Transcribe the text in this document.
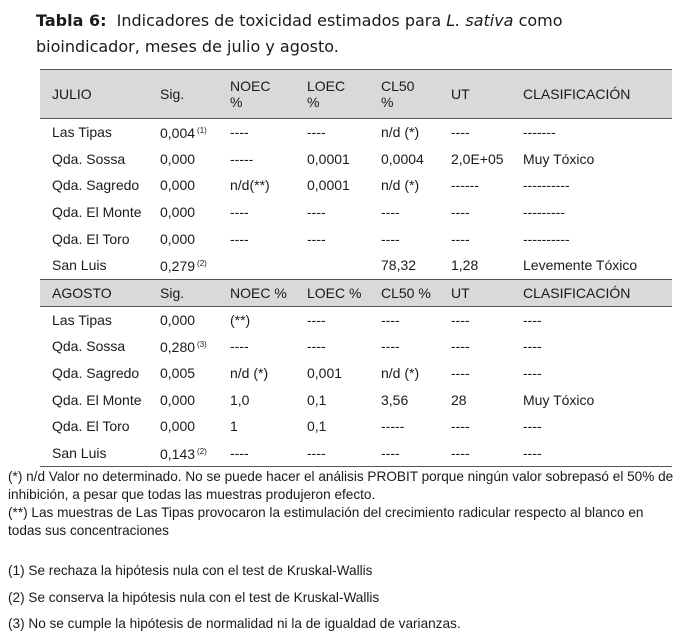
Tabla 6: Indicadores de toxicidad estimados para L. sativa como bioindicador, meses de julio y agosto.
JULIO	Sig.	NOEC %	LOEC %	CL50 %	UT	CLASIFICACIÓN
Las Tipas	0,004 $^{(1)}$	----	----	n/d (*)	----	-------
Qda. Sossa	0,000	-----	0,0001	0,0004	2,0E+05	Muy Tóxico
Qda. Sagredo	0,000	n/d(**)	0,0001	n/d (*)	------	----------
Qda. El Monte	0,000	----	----	----	----	---------
Qda. El Toro	0,000	----	----	----	----	----------
San Luis	0,279 $^{(2)}$			78,32	1,28	Levemente Tóxico
AGOSTO	Sig.	NOEC %	LOEC %	CL50 %	UT	CLASIFICACIÓN
Las Tipas	0,000	(**)	----	----	----	----
Qda. Sossa	0,280 $^{(3)}$	----	----	----	----	----
Qda. Sagredo	0,005	n/d (*)	0,001	n/d (*)	----	----
Qda. El Monte	0,000	1,0	0,1	3,56	28	Muy Tóxico
Qda. El Toro	0,000	1	0,1	-----	----	----
San Luis	0,143 $^{(2)}$	----	----	----	----	----

(*) n/d Valor no determinado. No se puede hacer el análisis PROBIT porque ningún valor sobrepasó el 50% de inhibición, a pesar que todas las muestras produjeron efecto.

(**) Las muestras de Las Tipas provocaron la estimulación del crecimiento radicular respecto al blanco en todas sus concentraciones

(1) Se rechaza la hipótesis nula con el test de Kruskal-Wallis

(2) Se conserva la hipótesis nula con el test de Kruskal-Wallis

(3) No se cumple la hipótesis de normalidad ni la de igualdad de varianzas.
